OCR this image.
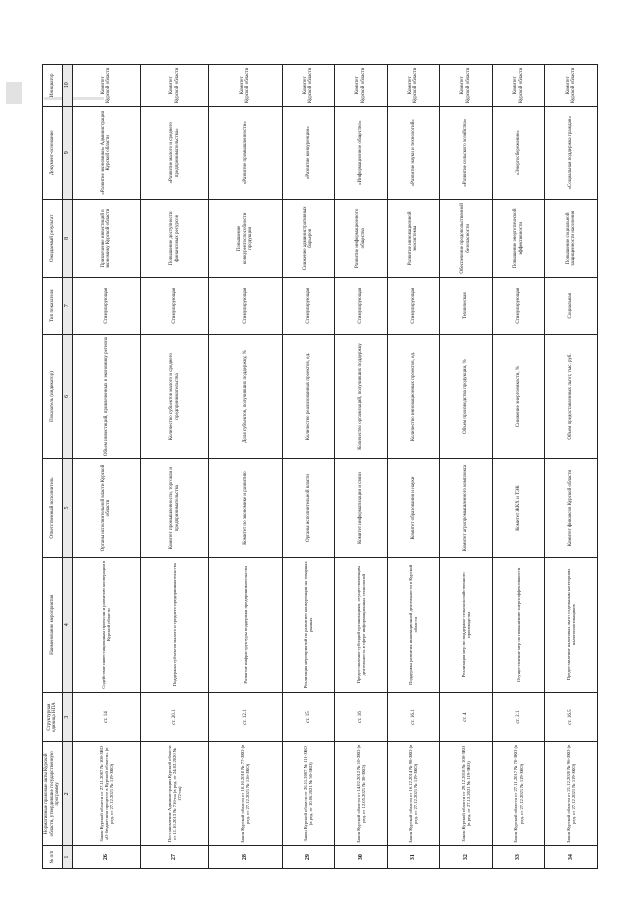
№ п/п	Нормативные правовые акты Курской области, утвердившие государственную программу	Структурная единица НПА	Наименование мероприятия	Ответственный исполнитель	Показатель (индикатор)	Тип показателя	Ожидаемый результат	Документ-основание	Инициатор
1	2	3	4	5	6	7	8	9	10
26	Закон Курской области от 27.11.2007 № 108-ЗКО «О бюджетном процессе в Курской области» (в ред. от 27.12.2021 № 119-ЗКО)	ст. 14	Содействие инвестиционным проектам и развитию кооперации в Курской области	Органы исполнительной власти Курской области	Объем инвестиций, привлеченных в экономику региона	Стимулирующая	Привлечение инвестиций в экономику Курской области	«Развитие экономики» Администрации Курской области	Комитет Курской области
27	Постановление Администрации Курской области от 11.10.2013 № 716-па (в ред. от 24.02.2020 № 172-па)	ст. 20.1	Поддержка субъектов малого и среднего предпринимательства	Комитет промышленности, торговли и предпринимательства	Количество субъектов малого и среднего предпринимательства	Стимулирующая	Повышение доступности финансовых ресурсов	«Развитие малого и среднего предпринимательства»	Комитет Курской области
28	Закон Курской области от 18.10.2010 № 77-ЗКО (в ред. от 27.12.2021 № 116-ЗКО)	ст. 12.1	Развитие инфраструктуры поддержки предпринимательства	Комитет по экономике и развитию	Доля субъектов, получивших поддержку, %	Стимулирующая	Повышение конкурентоспособности продукции	«Развитие промышленности»	Комитет Курской области
29	Закон Курской области от 26.11.2007 № 111-ЗКО (в ред. от 10.06.2021 № 50-ЗКО)	ст. 15	Реализация мероприятий по развитию конкуренции на товарных рынках	Органы исполнительной власти	Количество реализованных проектов, ед.	Стимулирующая	Снижение административных барьеров	«Развитие конкуренции»	Комитет Курской области
30	Закон Курской области от 14.02.2012 № 10-ЗКО (в ред. от 12.05.2021 № 38-ЗКО)	ст. 16	Предоставление субсидий организациям, осуществляющим деятельность в сфере информационных технологий	Комитет информатизации и связи	Количество организаций, получивших поддержку	Стимулирующая	Развитие информационного общества	«Информационное общество»	Комитет Курской области
31	Закон Курской области от 16.12.2014 № 98-ЗКО (в ред. от 27.12.2021 № 119-ЗКО)	ст. 16.1	Поддержка развития инновационной деятельности в Курской области	Комитет образования и науки	Количество инновационных проектов, ед.	Стимулирующая	Развитие инновационной экосистемы	«Развитие науки и технологий»	Комитет Курской области
32	Закон Курской области от 29.12.2018 № 108-ЗКО (в ред. от 27.12.2021 № 119-ЗКО)	ст. 4	Реализация мер по поддержке сельскохозяйственного производства	Комитет агропромышленного комплекса	Объем производства продукции, %	Техническая	Обеспечение продовольственной безопасности	«Развитие сельского хозяйства»	Комитет Курской области
33	Закон Курской области от 27.11.2017 № 70-ЗКО (в ред. от 27.12.2021 № 119-ЗКО)	ст. 2.1	Осуществление мер по повышению энергоэффективности	Комитет ЖКХ и ТЭК	Снижение энергоемкости, %	Стимулирующая	Повышение энергетической эффективности	«Энергосбережение»	Комитет Курской области
34	Закон Курской области от 21.12.2020 № 96-ЗКО (в ред. от 27.12.2021 № 119-ЗКО)	ст. 16.5	Предоставление налоговых льгот отдельным категориям налогоплательщиков	Комитет финансов Курской области	Объем предоставленных льгот, тыс. руб.	Социальная	Повышение социальной защищенности населения	«Социальная поддержка граждан»	Комитет Курской области
